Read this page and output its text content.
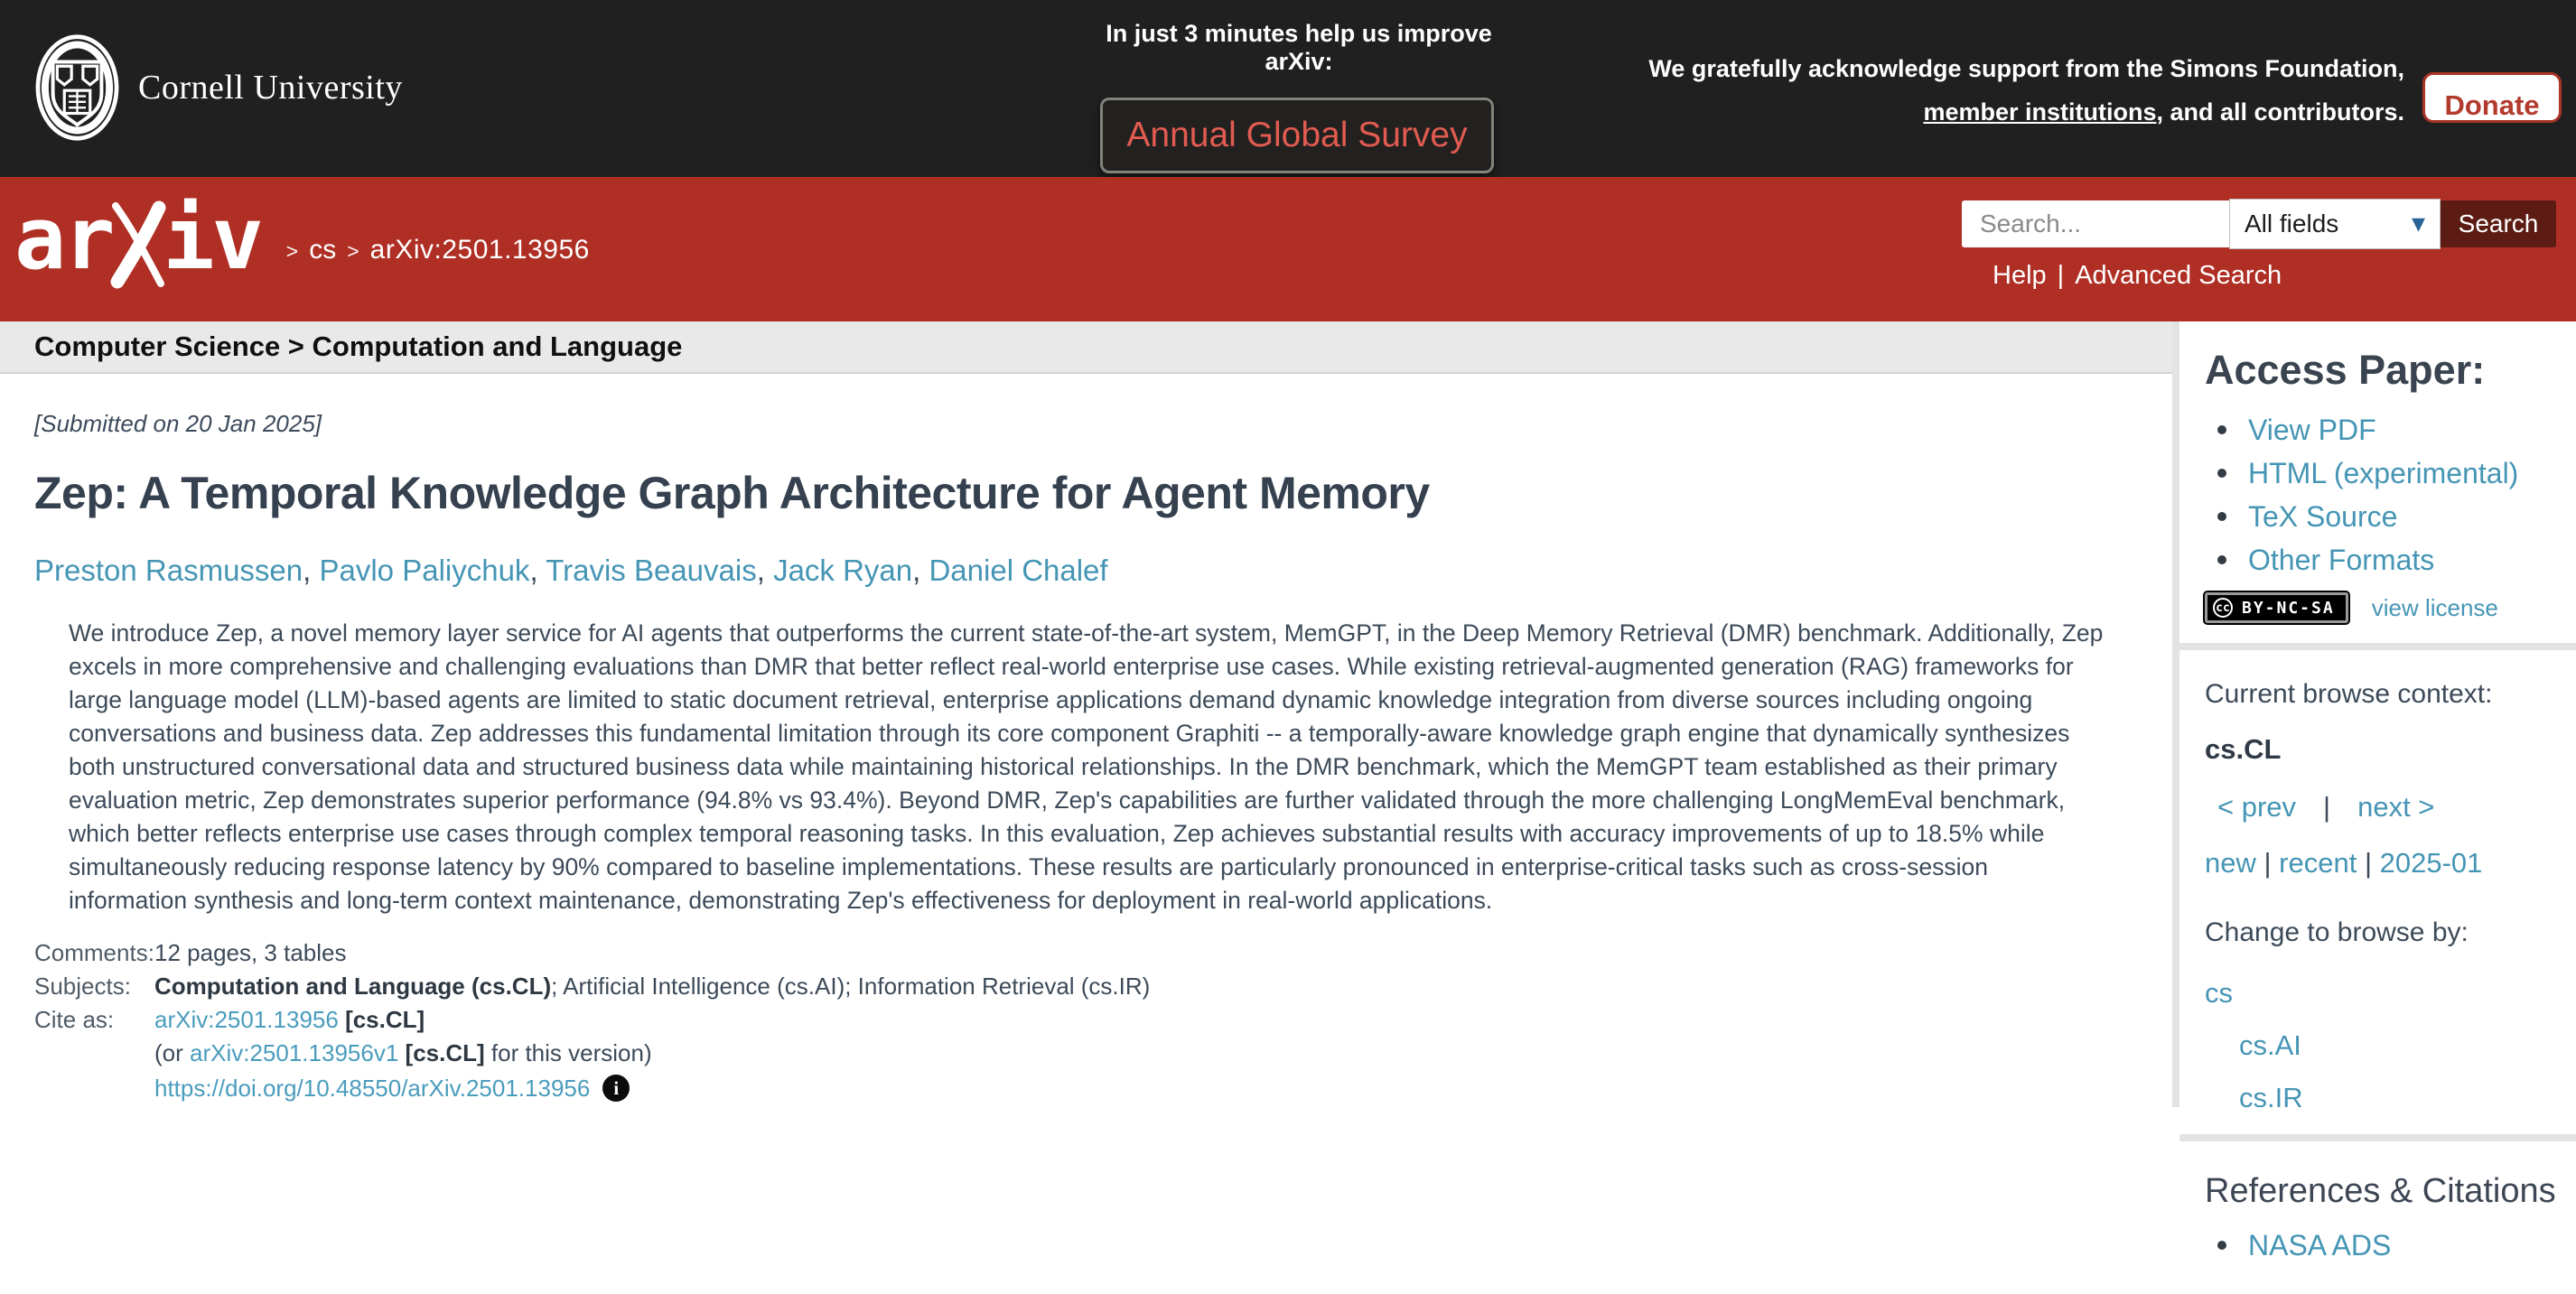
Cornell University
In just 3 minutes help us improve arXiv:
Annual Global Survey
We gratefully acknowledge support from the Simons Foundation,
member institutions, and all contributors.	Donate
ar iv > cs > arXiv:2501.13956
Search...
All fields	▾	Search
Help | Advanced Search
Computer Science > Computation and Language
[Submitted on 20 Jan 2025]
Zep: A Temporal Knowledge Graph Architecture for Agent Memory
Preston Rasmussen, Pavlo Paliychuk, Travis Beauvais, Jack Ryan, Daniel Chalef

We introduce Zep, a novel memory layer service for AI agents that outperforms the current state-of-the-art system, MemGPT, in the Deep Memory Retrieval (DMR) benchmark. Additionally, Zep excels in more comprehensive and challenging evaluations than DMR that better reflect real-world enterprise use cases. While existing retrieval-augmented generation (RAG) frameworks for large language model (LLM)-based agents are limited to static document retrieval, enterprise applications demand dynamic knowledge integration from diverse sources including ongoing conversations and business data. Zep addresses this fundamental limitation through its core component Graphiti -- a temporally-aware knowledge graph engine that dynamically synthesizes both unstructured conversational data and structured business data while maintaining historical relationships. In the DMR benchmark, which the MemGPT team established as their primary evaluation metric, Zep demonstrates superior performance (94.8% vs 93.4%). Beyond DMR, Zep's capabilities are further validated through the more challenging LongMemEval benchmark, which better reflects enterprise use cases through complex temporal reasoning tasks. In this evaluation, Zep achieves substantial results with accuracy improvements of up to 18.5% while simultaneously reducing response latency by 90% compared to baseline implementations. These results are particularly pronounced in enterprise-critical tasks such as cross-session information synthesis and long-term context maintenance, demonstrating Zep's effectiveness for deployment in real-world applications.

Comments: 12 pages, 3 tables
Subjects:	Computation and Language (cs.CL); Artificial Intelligence (cs.AI); Information Retrieval (cs.IR)
Cite as:	arXiv:2501.13956 [cs.CL]
(or arXiv:2501.13956v1 [cs.CL] for this version)
https://doi.org/10.48550/arXiv.2501.13956	i
Access Paper:
View PDF
HTML (experimental)
TeX Source
Other Formats
cc BY-NC-SA view license
Current browse context:
cs.CL
< prev | next >
new | recent | 2025-01
Change to browse by:
cs
cs.AI
cs.IR
References & Citations
NASA ADS
